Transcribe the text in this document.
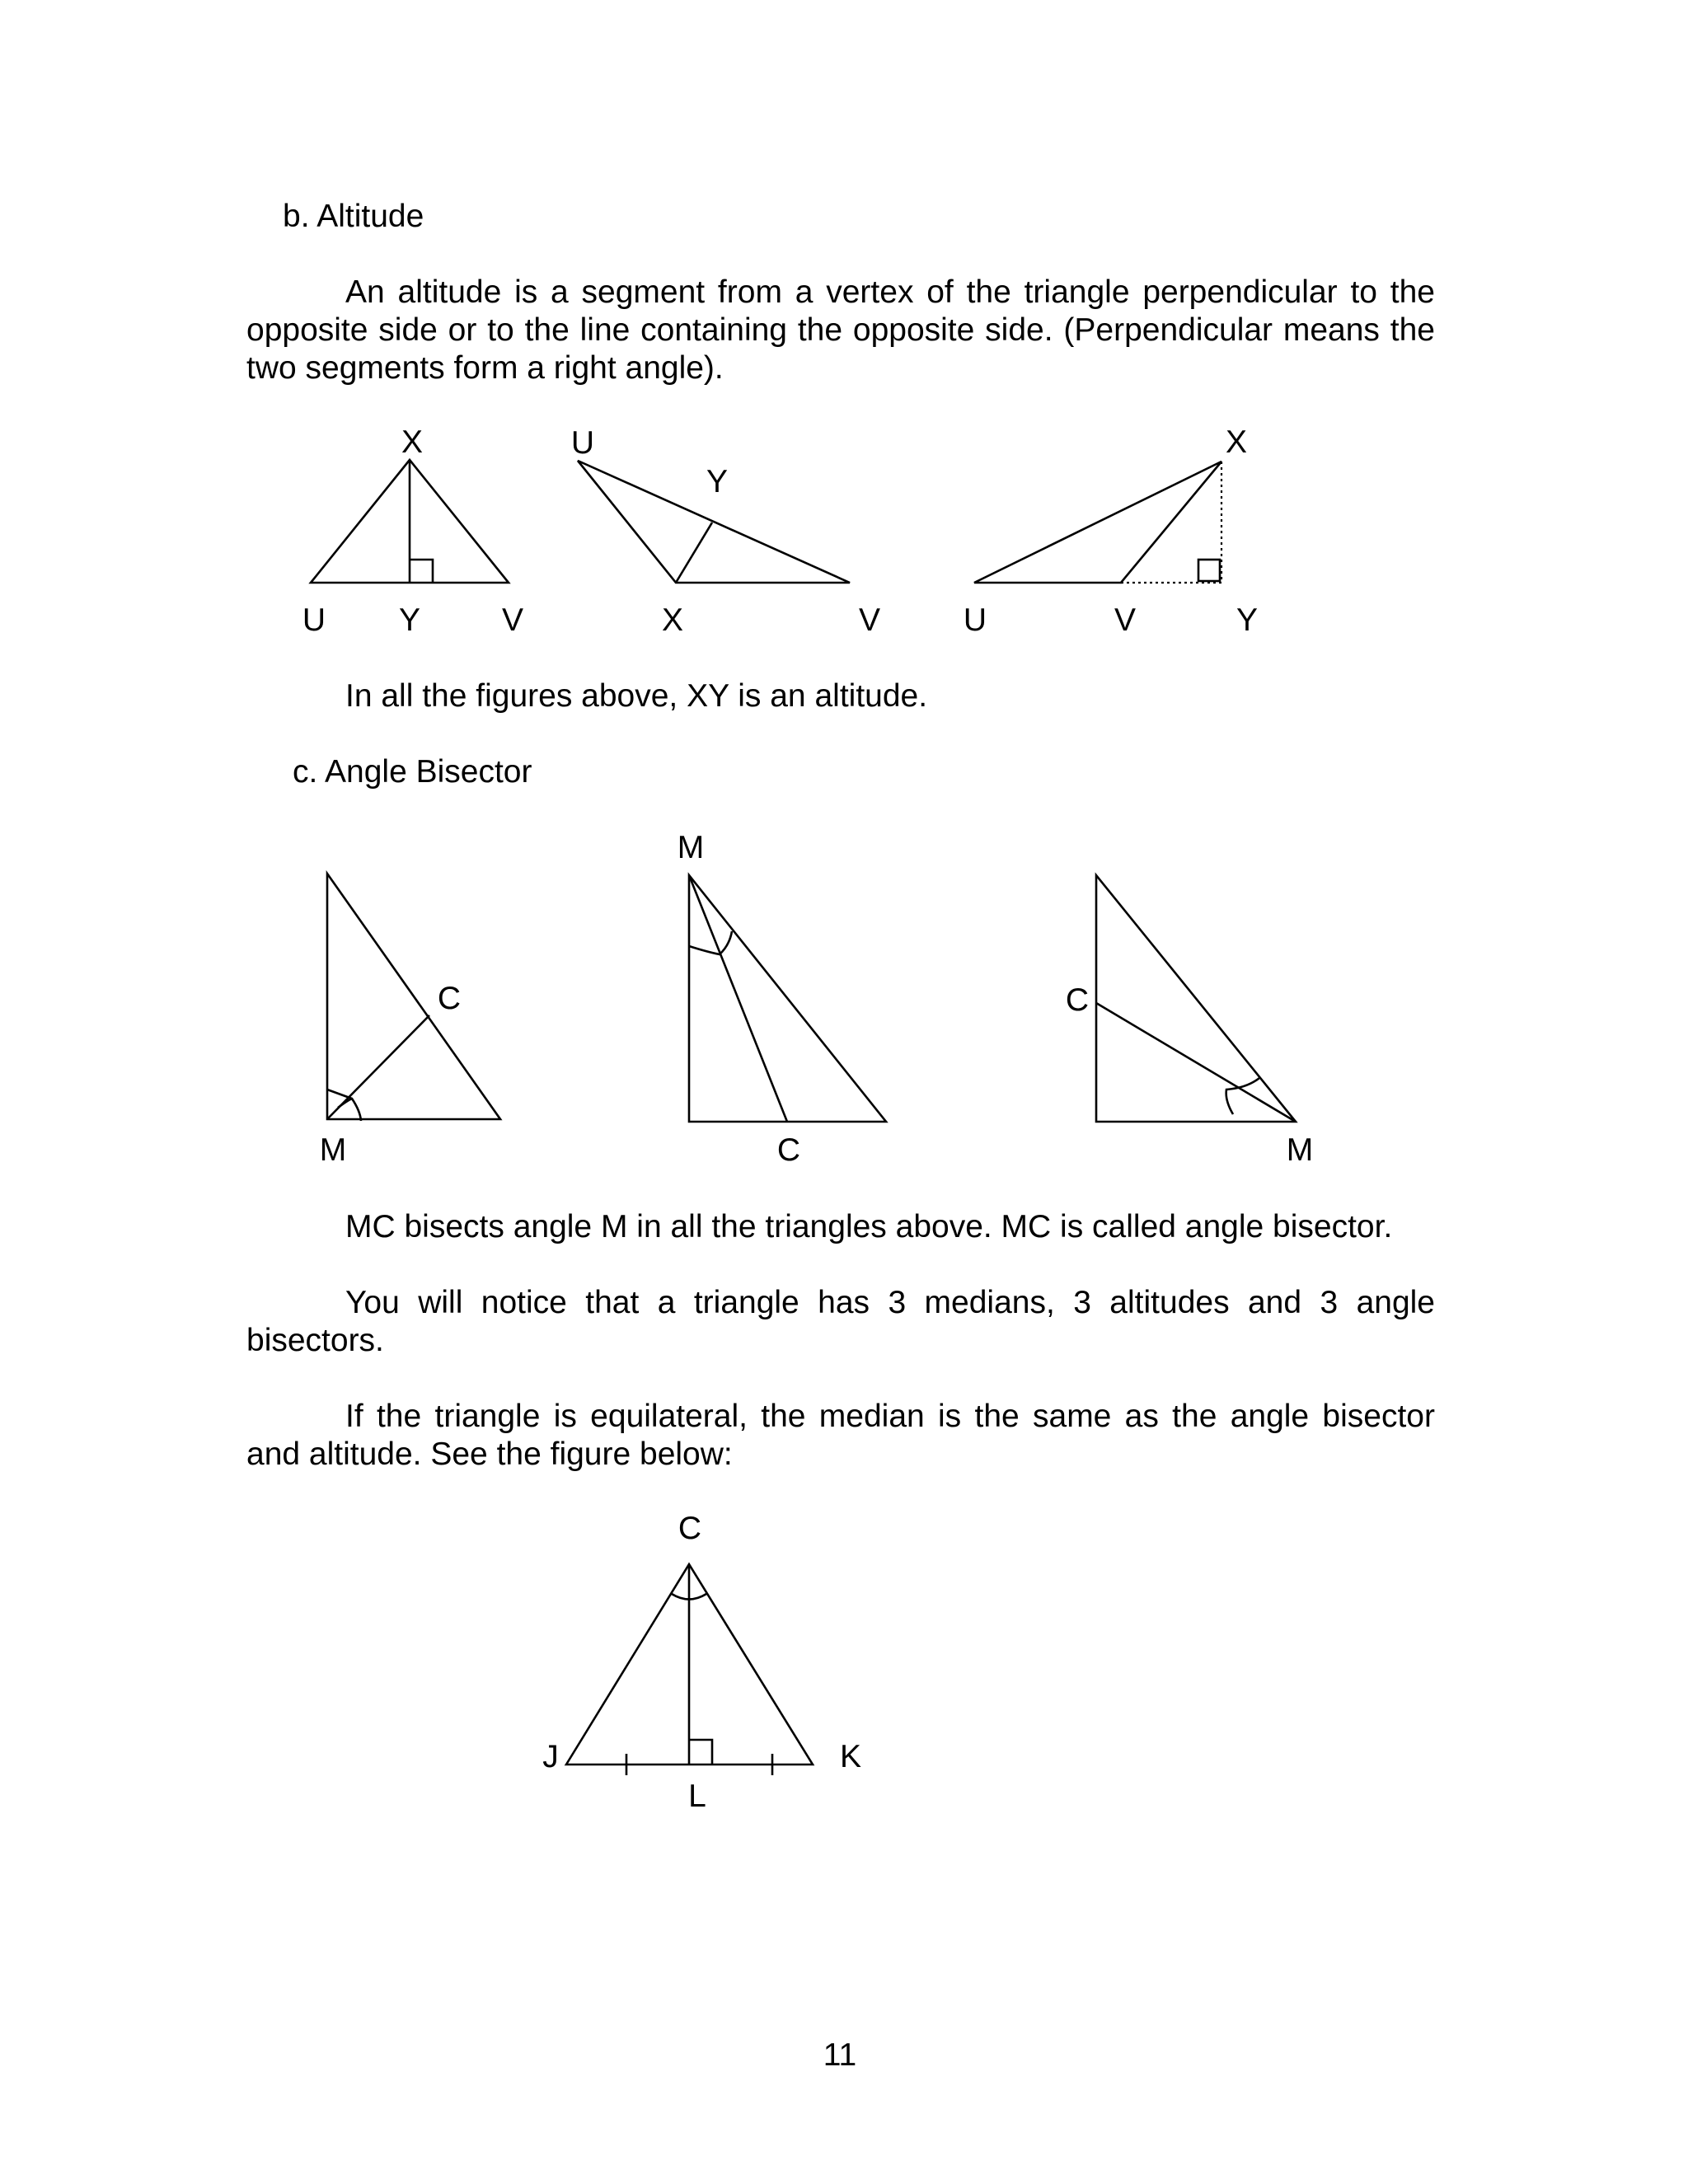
b. Altitude
An altitude is a segment from a vertex of the triangle perpendicular to the opposite side or to the line containing the opposite side. (Perpendicular means the two segments form a right angle).
X
U Y	V
U
Y
X	V
X
U	V	Y
In all the figures above, XY is an altitude.
c. Angle Bisector
C
M
M
C
C
M
MC bisects angle M in all the triangles above. MC is called angle bisector.
You will notice that a triangle has 3 medians, 3 altitudes and 3 angle bisectors.
If the triangle is equilateral, the median is the same as the angle bisector and altitude. See the figure below:
C
J	K
L
11
